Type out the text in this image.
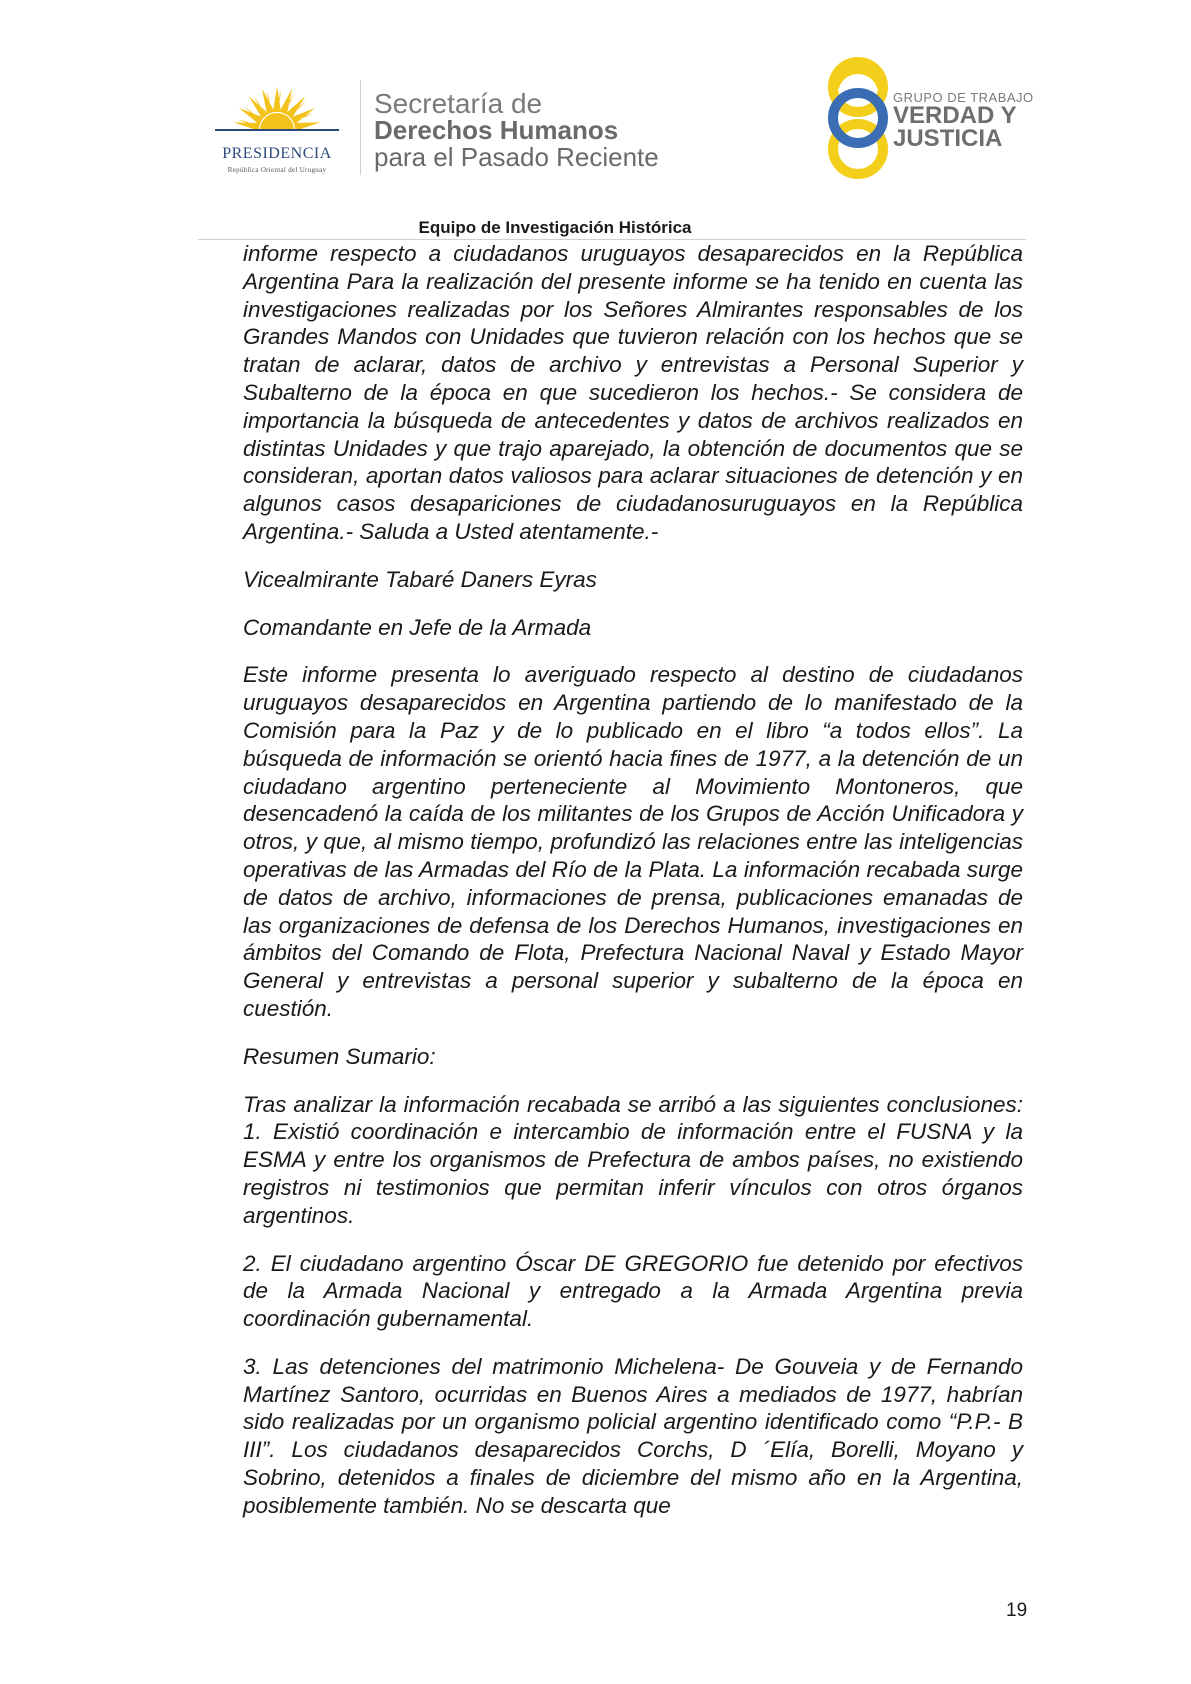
PRESIDENCIA
República Oriental del Uruguay
Secretaría de
Derechos Humanos
para el Pasado Reciente
GRUPO DE TRABAJO
VERDAD Y
JUSTICIA
Equipo de Investigación Histórica

informe respecto a ciudadanos uruguayos desaparecidos en la República Argentina Para la realización del presente informe se ha tenido en cuenta las investigaciones realizadas por los Señores Almirantes responsables de los Grandes Mandos con Unidades que tuvieron relación con los hechos que se tratan de aclarar, datos de archivo y entrevistas a Personal Superior y Subalterno de la época en que sucedieron los hechos.- Se considera de importancia la búsqueda de antecedentes y datos de archivos realizados en distintas Unidades y que trajo aparejado, la obtención de documentos que se consideran, aportan datos valiosos para aclarar situaciones de detención y en algunos casos desapariciones de ciudadanosuruguayos en la República Argentina.- Saluda a Usted atentamente.-

Vicealmirante Tabaré Daners Eyras

Comandante en Jefe de la Armada

Este informe presenta lo averiguado respecto al destino de ciudadanos uruguayos desaparecidos en Argentina partiendo de lo manifestado de la Comisión para la Paz y de lo publicado en el libro “a todos ellos”. La búsqueda de información se orientó hacia fines de 1977, a la detención de un ciudadano argentino perteneciente al Movimiento Montoneros, que desencadenó la caída de los militantes de los Grupos de Acción Unificadora y otros, y que, al mismo tiempo, profundizó las relaciones entre las inteligencias operativas de las Armadas del Río de la Plata. La información recabada surge de datos de archivo, informaciones de prensa, publicaciones emanadas de las organizaciones de defensa de los Derechos Humanos, investigaciones en ámbitos del Comando de Flota, Prefectura Nacional Naval y Estado Mayor General y entrevistas a personal superior y subalterno de la época en cuestión.

Resumen Sumario:

Tras analizar la información recabada se arribó a las siguientes conclusiones: 1. Existió coordinación e intercambio de información entre el FUSNA y la ESMA y entre los organismos de Prefectura de ambos países, no existiendo registros ni testimonios que permitan inferir vínculos con otros órganos argentinos.

2. El ciudadano argentino Óscar DE GREGORIO fue detenido por efectivos de la Armada Nacional y entregado a la Armada Argentina previa coordinación gubernamental.

3. Las detenciones del matrimonio Michelena- De Gouveia y de Fernando Martínez Santoro, ocurridas en Buenos Aires a mediados de 1977, habrían sido realizadas por un organismo policial argentino identificado como “P.P.- B III”. Los ciudadanos desaparecidos Corchs, D ´Elía, Borelli, Moyano y Sobrino, detenidos a finales de diciembre del mismo año en la Argentina, posiblemente también. No se descarta que

19
